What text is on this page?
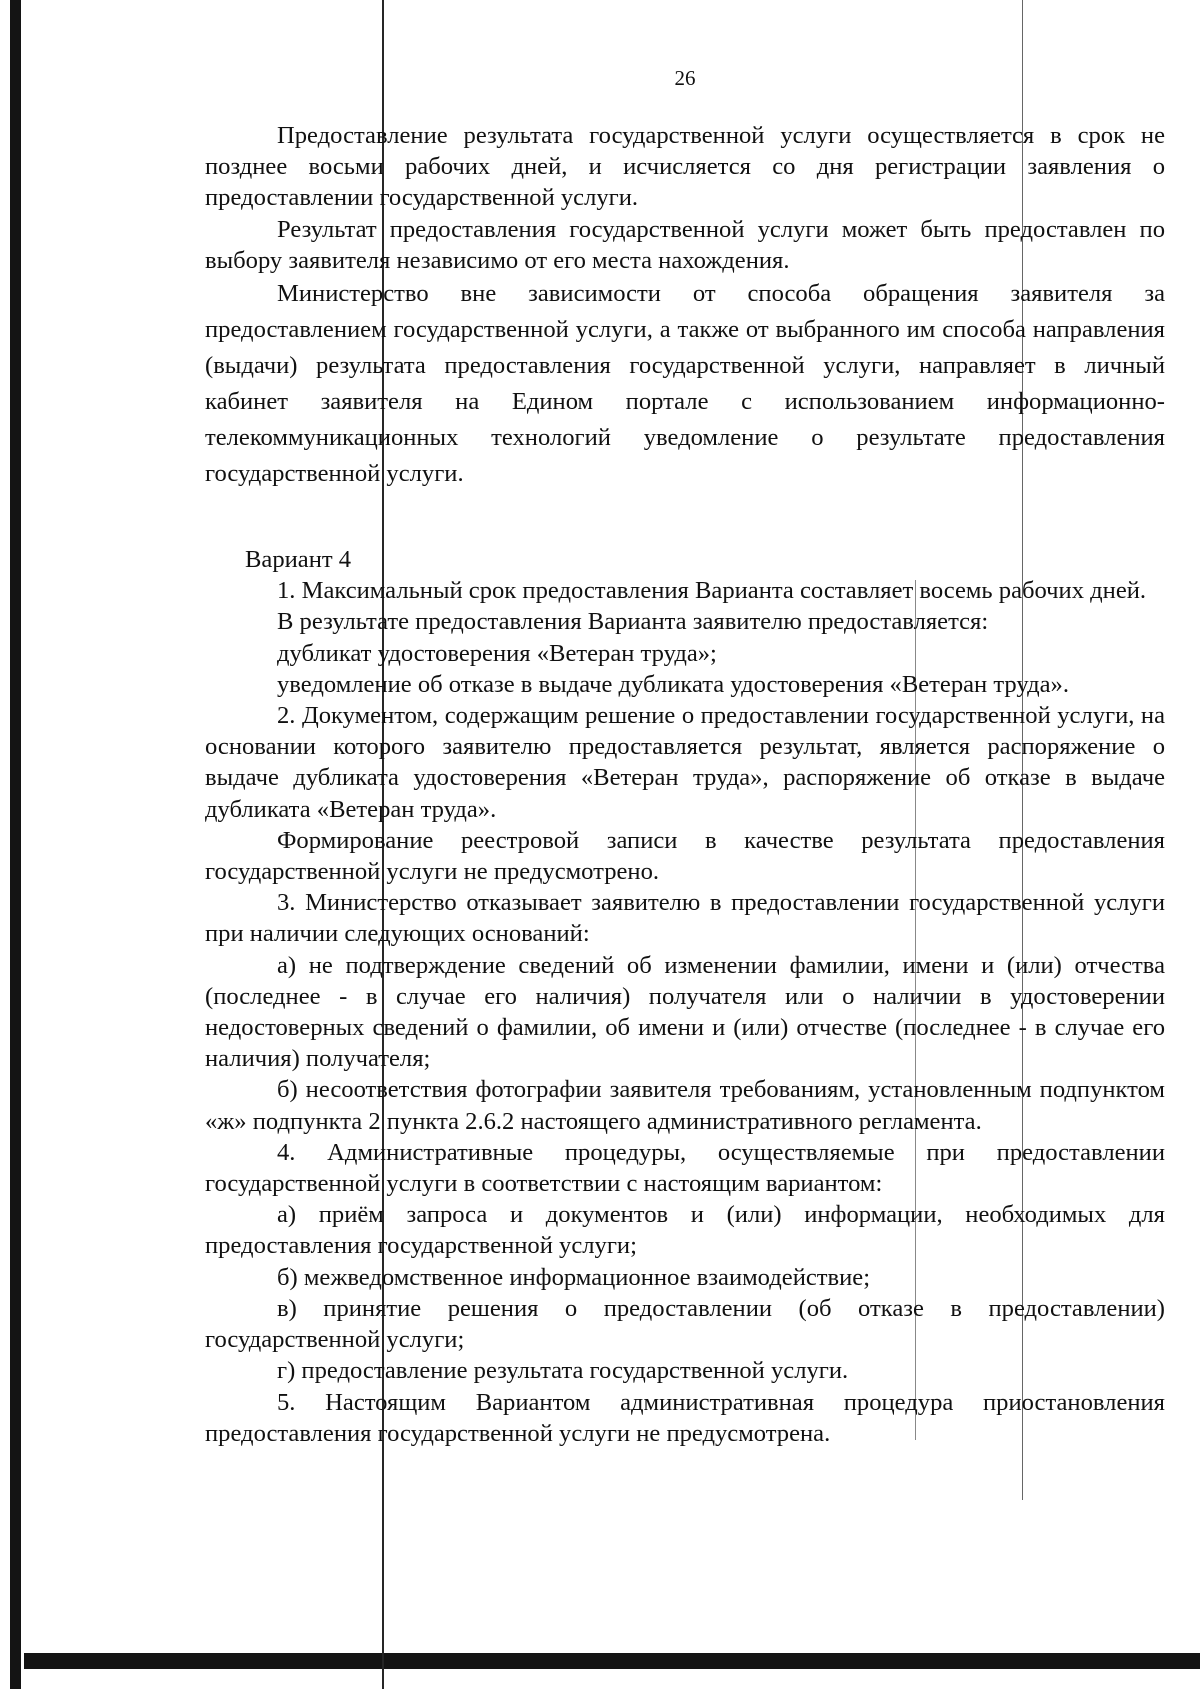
26

Предоставление результата государственной услуги осуществляется в срок не позднее восьми рабочих дней, и исчисляется со дня регистрации заявления о предоставлении государственной услуги.

Результат предоставления государственной услуги может быть предоставлен по выбору заявителя независимо от его места нахождения.

Министерство вне зависимости от способа обращения заявителя за предоставлением государственной услуги, а также от выбранного им способа направления (выдачи) результата предоставления государственной услуги, направляет в личный кабинет заявителя на Едином портале с использованием информационно-телекоммуникационных технологий уведомление о результате предоставления государственной услуги.

Вариант 4

1. Максимальный срок предоставления Варианта составляет восемь рабочих дней.

В результате предоставления Варианта заявителю предоставляется:

дубликат удостоверения «Ветеран труда»;

уведомление об отказе в выдаче дубликата удостоверения «Ветеран труда».

2. Документом, содержащим решение о предоставлении государственной услуги, на основании которого заявителю предоставляется результат, является распоряжение о выдаче дубликата удостоверения «Ветеран труда», распоряжение об отказе в выдаче дубликата «Ветеран труда».

Формирование реестровой записи в качестве результата предоставления государственной услуги не предусмотрено.

3. Министерство отказывает заявителю в предоставлении государственной услуги при наличии следующих оснований:

а) не подтверждение сведений об изменении фамилии, имени и (или) отчества (последнее - в случае его наличия) получателя или о наличии в удостоверении недостоверных сведений о фамилии, об имени и (или) отчестве (последнее - в случае его наличия) получателя;

б) несоответствия фотографии заявителя требованиям, установленным подпунктом «ж» подпункта 2 пункта 2.6.2 настоящего административного регламента.

4. Административные процедуры, осуществляемые при предоставлении государственной услуги в соответствии с настоящим вариантом:

а) приём запроса и документов и (или) информации, необходимых для предоставления государственной услуги;

б) межведомственное информационное взаимодействие;

в) принятие решения о предоставлении (об отказе в предоставлении) государственной услуги;

г) предоставление результата государственной услуги.

5. Настоящим Вариантом административная процедура приостановления предоставления государственной услуги не предусмотрена.
